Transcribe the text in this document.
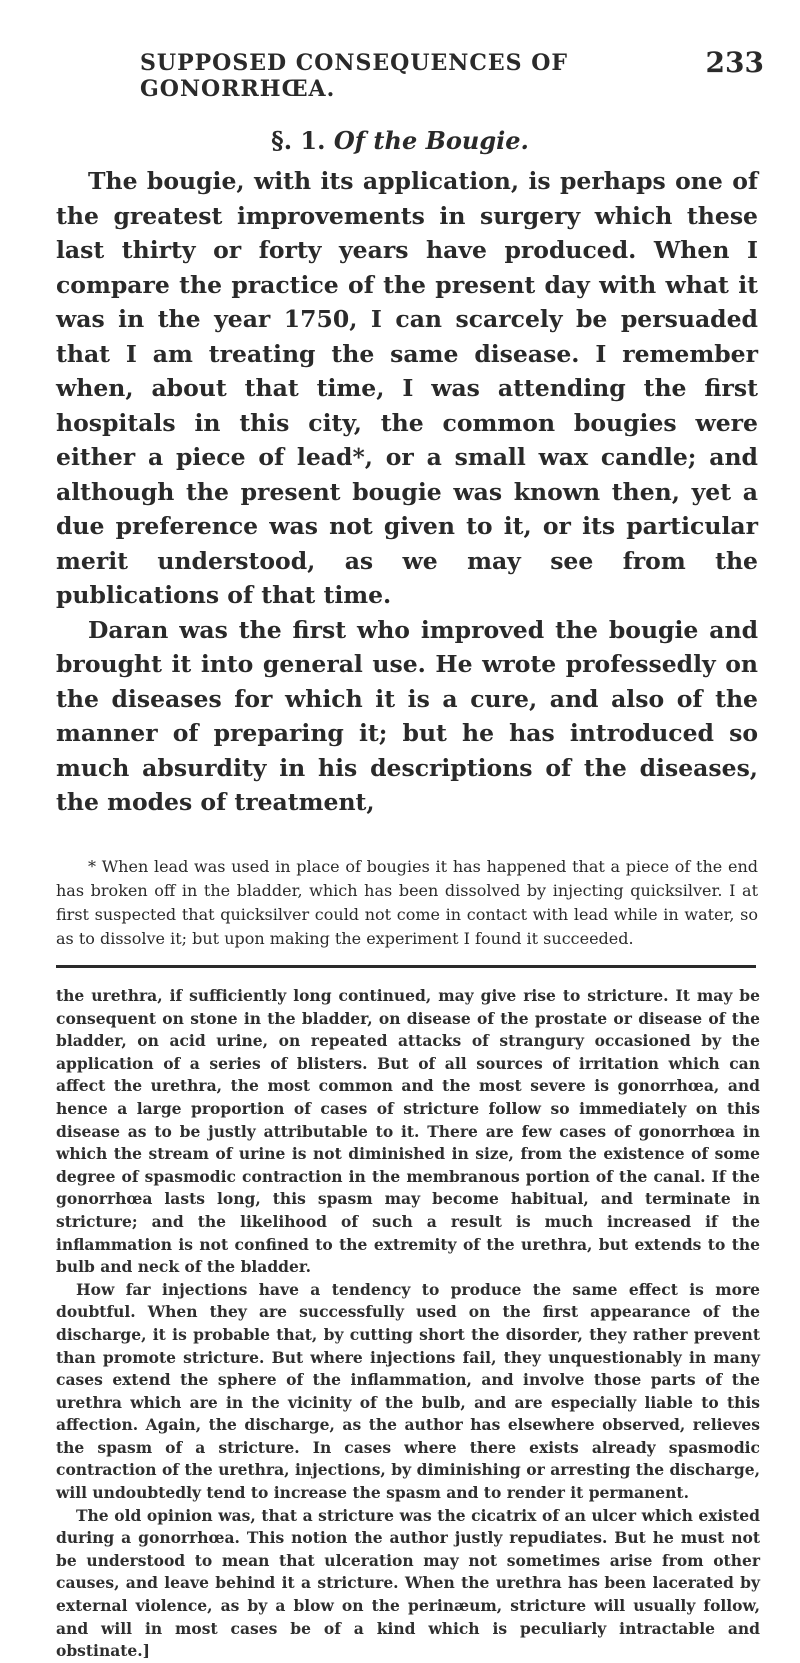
SUPPOSED CONSEQUENCES OF GONORRHŒA.
233
§. 1. Of the Bougie.

The bougie, with its application, is perhaps one of the greatest improvements in surgery which these last thirty or forty years have produced. When I compare the practice of the present day with what it was in the year 1750, I can scarcely be persuaded that I am treating the same disease. I remember when, about that time, I was attending the first hospitals in this city, the common bougies were either a piece of lead*, or a small wax candle; and although the present bougie was known then, yet a due preference was not given to it, or its particular merit understood, as we may see from the publications of that time.

Daran was the first who improved the bougie and brought it into general use. He wrote professedly on the diseases for which it is a cure, and also of the manner of preparing it; but he has introduced so much absurdity in his descriptions of the diseases, the modes of treatment,

* When lead was used in place of bougies it has happened that a piece of the end has broken off in the bladder, which has been dissolved by injecting quicksilver. I at first suspected that quicksilver could not come in contact with lead while in water, so as to dissolve it; but upon making the experiment I found it succeeded.

the urethra, if sufficiently long continued, may give rise to stricture. It may be consequent on stone in the bladder, on disease of the prostate or disease of the bladder, on acid urine, on repeated attacks of strangury occasioned by the application of a series of blisters. But of all sources of irritation which can affect the urethra, the most common and the most severe is gonorrhœa, and hence a large proportion of cases of stricture follow so immediately on this disease as to be justly attributable to it. There are few cases of gonorrhœa in which the stream of urine is not diminished in size, from the existence of some degree of spasmodic contraction in the membranous portion of the canal. If the gonorrhœa lasts long, this spasm may become habitual, and terminate in stricture; and the likelihood of such a result is much increased if the inflammation is not confined to the extremity of the urethra, but extends to the bulb and neck of the bladder.

How far injections have a tendency to produce the same effect is more doubtful. When they are successfully used on the first appearance of the discharge, it is probable that, by cutting short the disorder, they rather prevent than promote stricture. But where injections fail, they unquestionably in many cases extend the sphere of the inflammation, and involve those parts of the urethra which are in the vicinity of the bulb, and are especially liable to this affection. Again, the discharge, as the author has elsewhere observed, relieves the spasm of a stricture. In cases where there exists already spasmodic contraction of the urethra, injections, by diminishing or arresting the discharge, will undoubtedly tend to increase the spasm and to render it permanent.

The old opinion was, that a stricture was the cicatrix of an ulcer which existed during a gonorrhœa. This notion the author justly repudiates. But he must not be understood to mean that ulceration may not sometimes arise from other causes, and leave behind it a stricture. When the urethra has been lacerated by external violence, as by a blow on the perinæum, stricture will usually follow, and will in most cases be of a kind which is peculiarly intractable and obstinate.]
